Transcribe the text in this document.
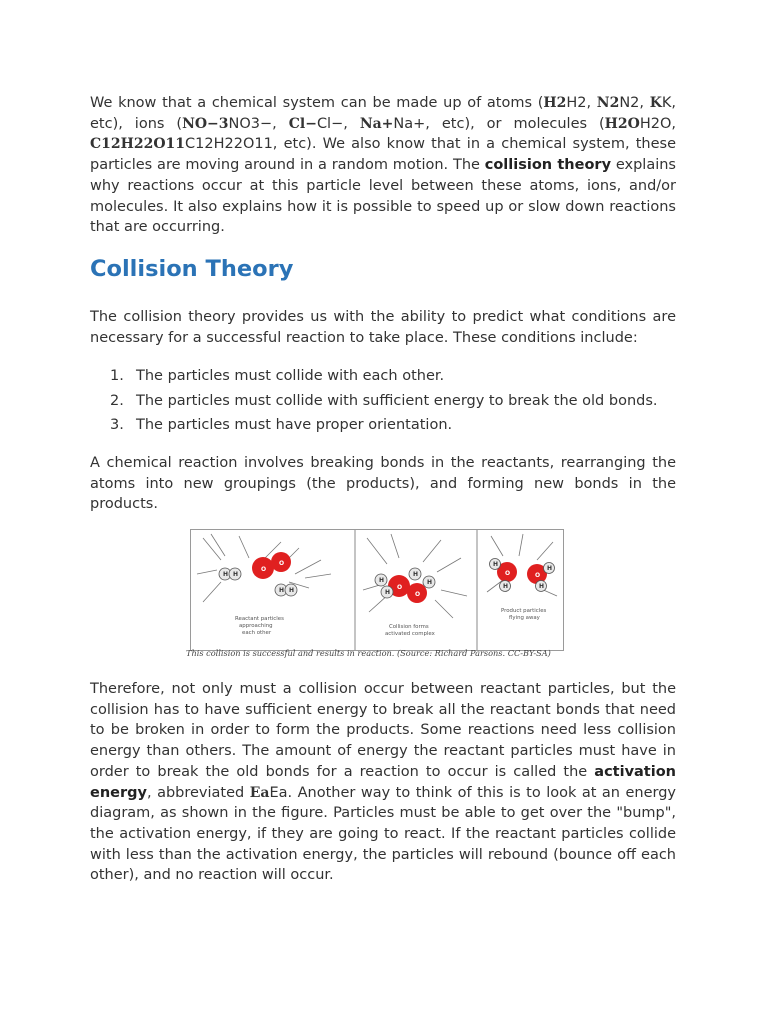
We know that a chemical system can be made up of atoms (H2H2, N2N2, KK, etc), ions (NO−3NO3−, Cl−Cl−, Na+Na+, etc), or molecules (H2OH2O, C12H22O11C12H22O11, etc). We also know that in a chemical system, these particles are moving around in a random motion. The collision theory explains why reactions occur at this particle level between these atoms, ions, and/or molecules. It also explains how it is possible to speed up or slow down reactions that are occurring.

Collision Theory

The collision theory provides us with the ability to predict what conditions are necessary for a successful reaction to take place. These conditions include:

1. The particles must collide with each other.
2. The particles must collide with sufficient energy to break the old bonds.
3. The particles must have proper orientation.

A chemical reaction involves breaking bonds in the reactants, rearranging the atoms into new groupings (the products), and forming new bonds in the products.

O
O
H H
H H
Reactant particles
approaching
each other
O
O
H
H
H
H
Collision forms
activated complex
O	O
H
H
H
H
Product particles
flying away
This collision is successful and results in reaction. (Source: Richard Parsons. CC-BY-SA)

Therefore, not only must a collision occur between reactant particles, but the collision has to have sufficient energy to break all the reactant bonds that need to be broken in order to form the products. Some reactions need less collision energy than others. The amount of energy the reactant particles must have in order to break the old bonds for a reaction to occur is called the activation energy, abbreviated EaEa. Another way to think of this is to look at an energy diagram, as shown in the figure. Particles must be able to get over the "bump", the activation energy, if they are going to react. If the reactant particles collide with less than the activation energy, the particles will rebound (bounce off each other), and no reaction will occur.
